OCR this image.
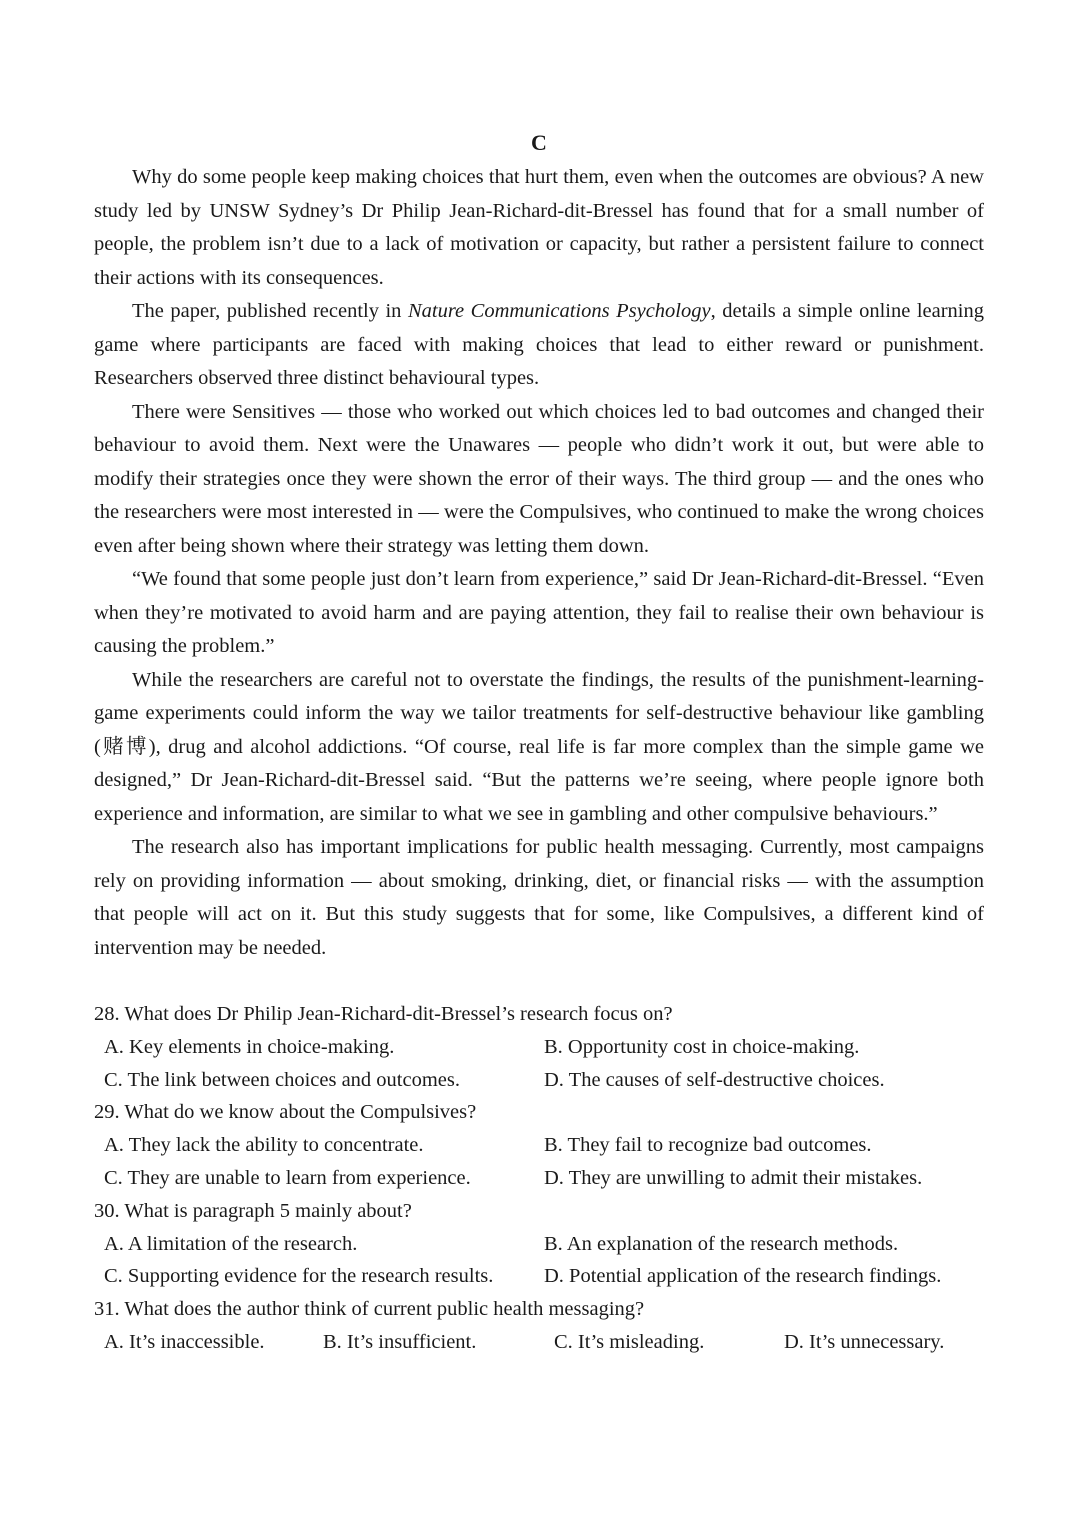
C

Why do some people keep making choices that hurt them, even when the outcomes are obvious? A new study led by UNSW Sydney’s Dr Philip Jean-Richard-dit-Bressel has found that for a small number of people, the problem isn’t due to a lack of motivation or capacity, but rather a persistent failure to connect their actions with its consequences.

The paper, published recently in Nature Communications Psychology, details a simple online learning game where participants are faced with making choices that lead to either reward or punishment. Researchers observed three distinct behavioural types.

There were Sensitives — those who worked out which choices led to bad outcomes and changed their behaviour to avoid them. Next were the Unawares — people who didn’t work it out, but were able to modify their strategies once they were shown the error of their ways. The third group — and the ones who the researchers were most interested in — were the Compulsives, who continued to make the wrong choices even after being shown where their strategy was letting them down.

“We found that some people just don’t learn from experience,” said Dr Jean-Richard-dit-Bressel. “Even when they’re motivated to avoid harm and are paying attention, they fail to realise their own behaviour is causing the problem.”

While the researchers are careful not to overstate the findings, the results of the punishment-learning-game experiments could inform the way we tailor treatments for self-destructive behaviour like gambling (赌博), drug and alcohol addictions. “Of course, real life is far more complex than the simple game we designed,” Dr Jean-Richard-dit-Bressel said. “But the patterns we’re seeing, where people ignore both experience and information, are similar to what we see in gambling and other compulsive behaviours.”

The research also has important implications for public health messaging. Currently, most campaigns rely on providing information — about smoking, drinking, diet, or financial risks — with the assumption that people will act on it. But this study suggests that for some, like Compulsives, a different kind of intervention may be needed.

28. What does Dr Philip Jean-Richard-dit-Bressel’s research focus on?
A. Key elements in choice-making.	B. Opportunity cost in choice-making.
C. The link between choices and outcomes.	D. The causes of self-destructive choices.
29. What do we know about the Compulsives?
A. They lack the ability to concentrate.	B. They fail to recognize bad outcomes.
C. They are unable to learn from experience.	D. They are unwilling to admit their mistakes.
30. What is paragraph 5 mainly about?
A. A limitation of the research.	B. An explanation of the research methods.
C. Supporting evidence for the research results.	D. Potential application of the research findings.
31. What does the author think of current public health messaging?
A. It’s inaccessible.	B. It’s insufficient.	C. It’s misleading.	D. It’s unnecessary.
